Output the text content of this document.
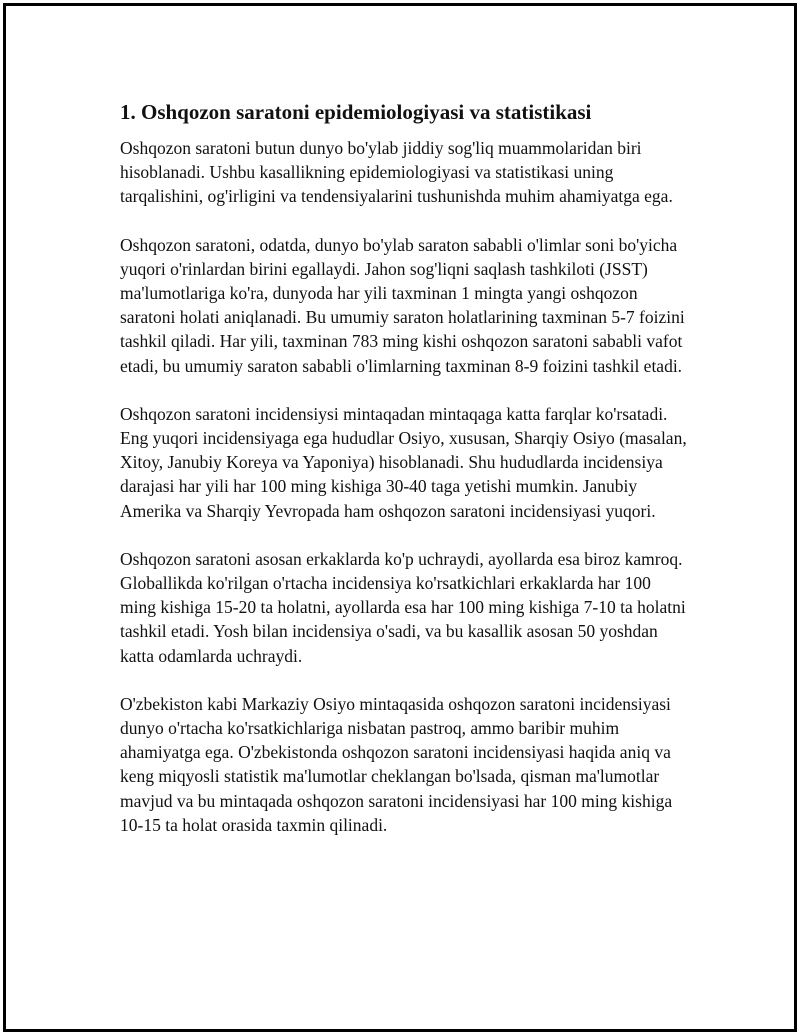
1. Oshqozon saratoni epidemiologiyasi va statistikasi

Oshqozon saratoni butun dunyo bo'ylab jiddiy sog'liq muammolaridan biri hisoblanadi. Ushbu kasallikning epidemiologiyasi va statistikasi uning tarqalishini, og'irligini va tendensiyalarini tushunishda muhim ahamiyatga ega.

Oshqozon saratoni, odatda, dunyo bo'ylab saraton sababli o'limlar soni bo'yicha yuqori o'rinlardan birini egallaydi. Jahon sog'liqni saqlash tashkiloti (JSST) ma'lumotlariga ko'ra, dunyoda har yili taxminan 1 mingta yangi oshqozon saratoni holati aniqlanadi. Bu umumiy saraton holatlarining taxminan 5-7 foizini tashkil qiladi. Har yili, taxminan 783 ming kishi oshqozon saratoni sababli vafot etadi, bu umumiy saraton sababli o'limlarning taxminan 8-9 foizini tashkil etadi.

Oshqozon saratoni incidensiysi mintaqadan mintaqaga katta farqlar ko'rsatadi. Eng yuqori incidensiyaga ega hududlar Osiyo, xususan, Sharqiy Osiyo (masalan, Xitoy, Janubiy Koreya va Yaponiya) hisoblanadi. Shu hududlarda incidensiya darajasi har yili har 100 ming kishiga 30-40 taga yetishi mumkin. Janubiy Amerika va Sharqiy Yevropada ham oshqozon saratoni incidensiyasi yuqori.

Oshqozon saratoni asosan erkaklarda ko'p uchraydi, ayollarda esa biroz kamroq. Globallikda ko'rilgan o'rtacha incidensiya ko'rsatkichlari erkaklarda har 100 ming kishiga 15-20 ta holatni, ayollarda esa har 100 ming kishiga 7-10 ta holatni tashkil etadi. Yosh bilan incidensiya o'sadi, va bu kasallik asosan 50 yoshdan katta odamlarda uchraydi.

O'zbekiston kabi Markaziy Osiyo mintaqasida oshqozon saratoni incidensiyasi dunyo o'rtacha ko'rsatkichlariga nisbatan pastroq, ammo baribir muhim ahamiyatga ega. O'zbekistonda oshqozon saratoni incidensiyasi haqida aniq va keng miqyosli statistik ma'lumotlar cheklangan bo'lsada, qisman ma'lumotlar mavjud va bu mintaqada oshqozon saratoni incidensiyasi har 100 ming kishiga 10-15 ta holat orasida taxmin qilinadi.
